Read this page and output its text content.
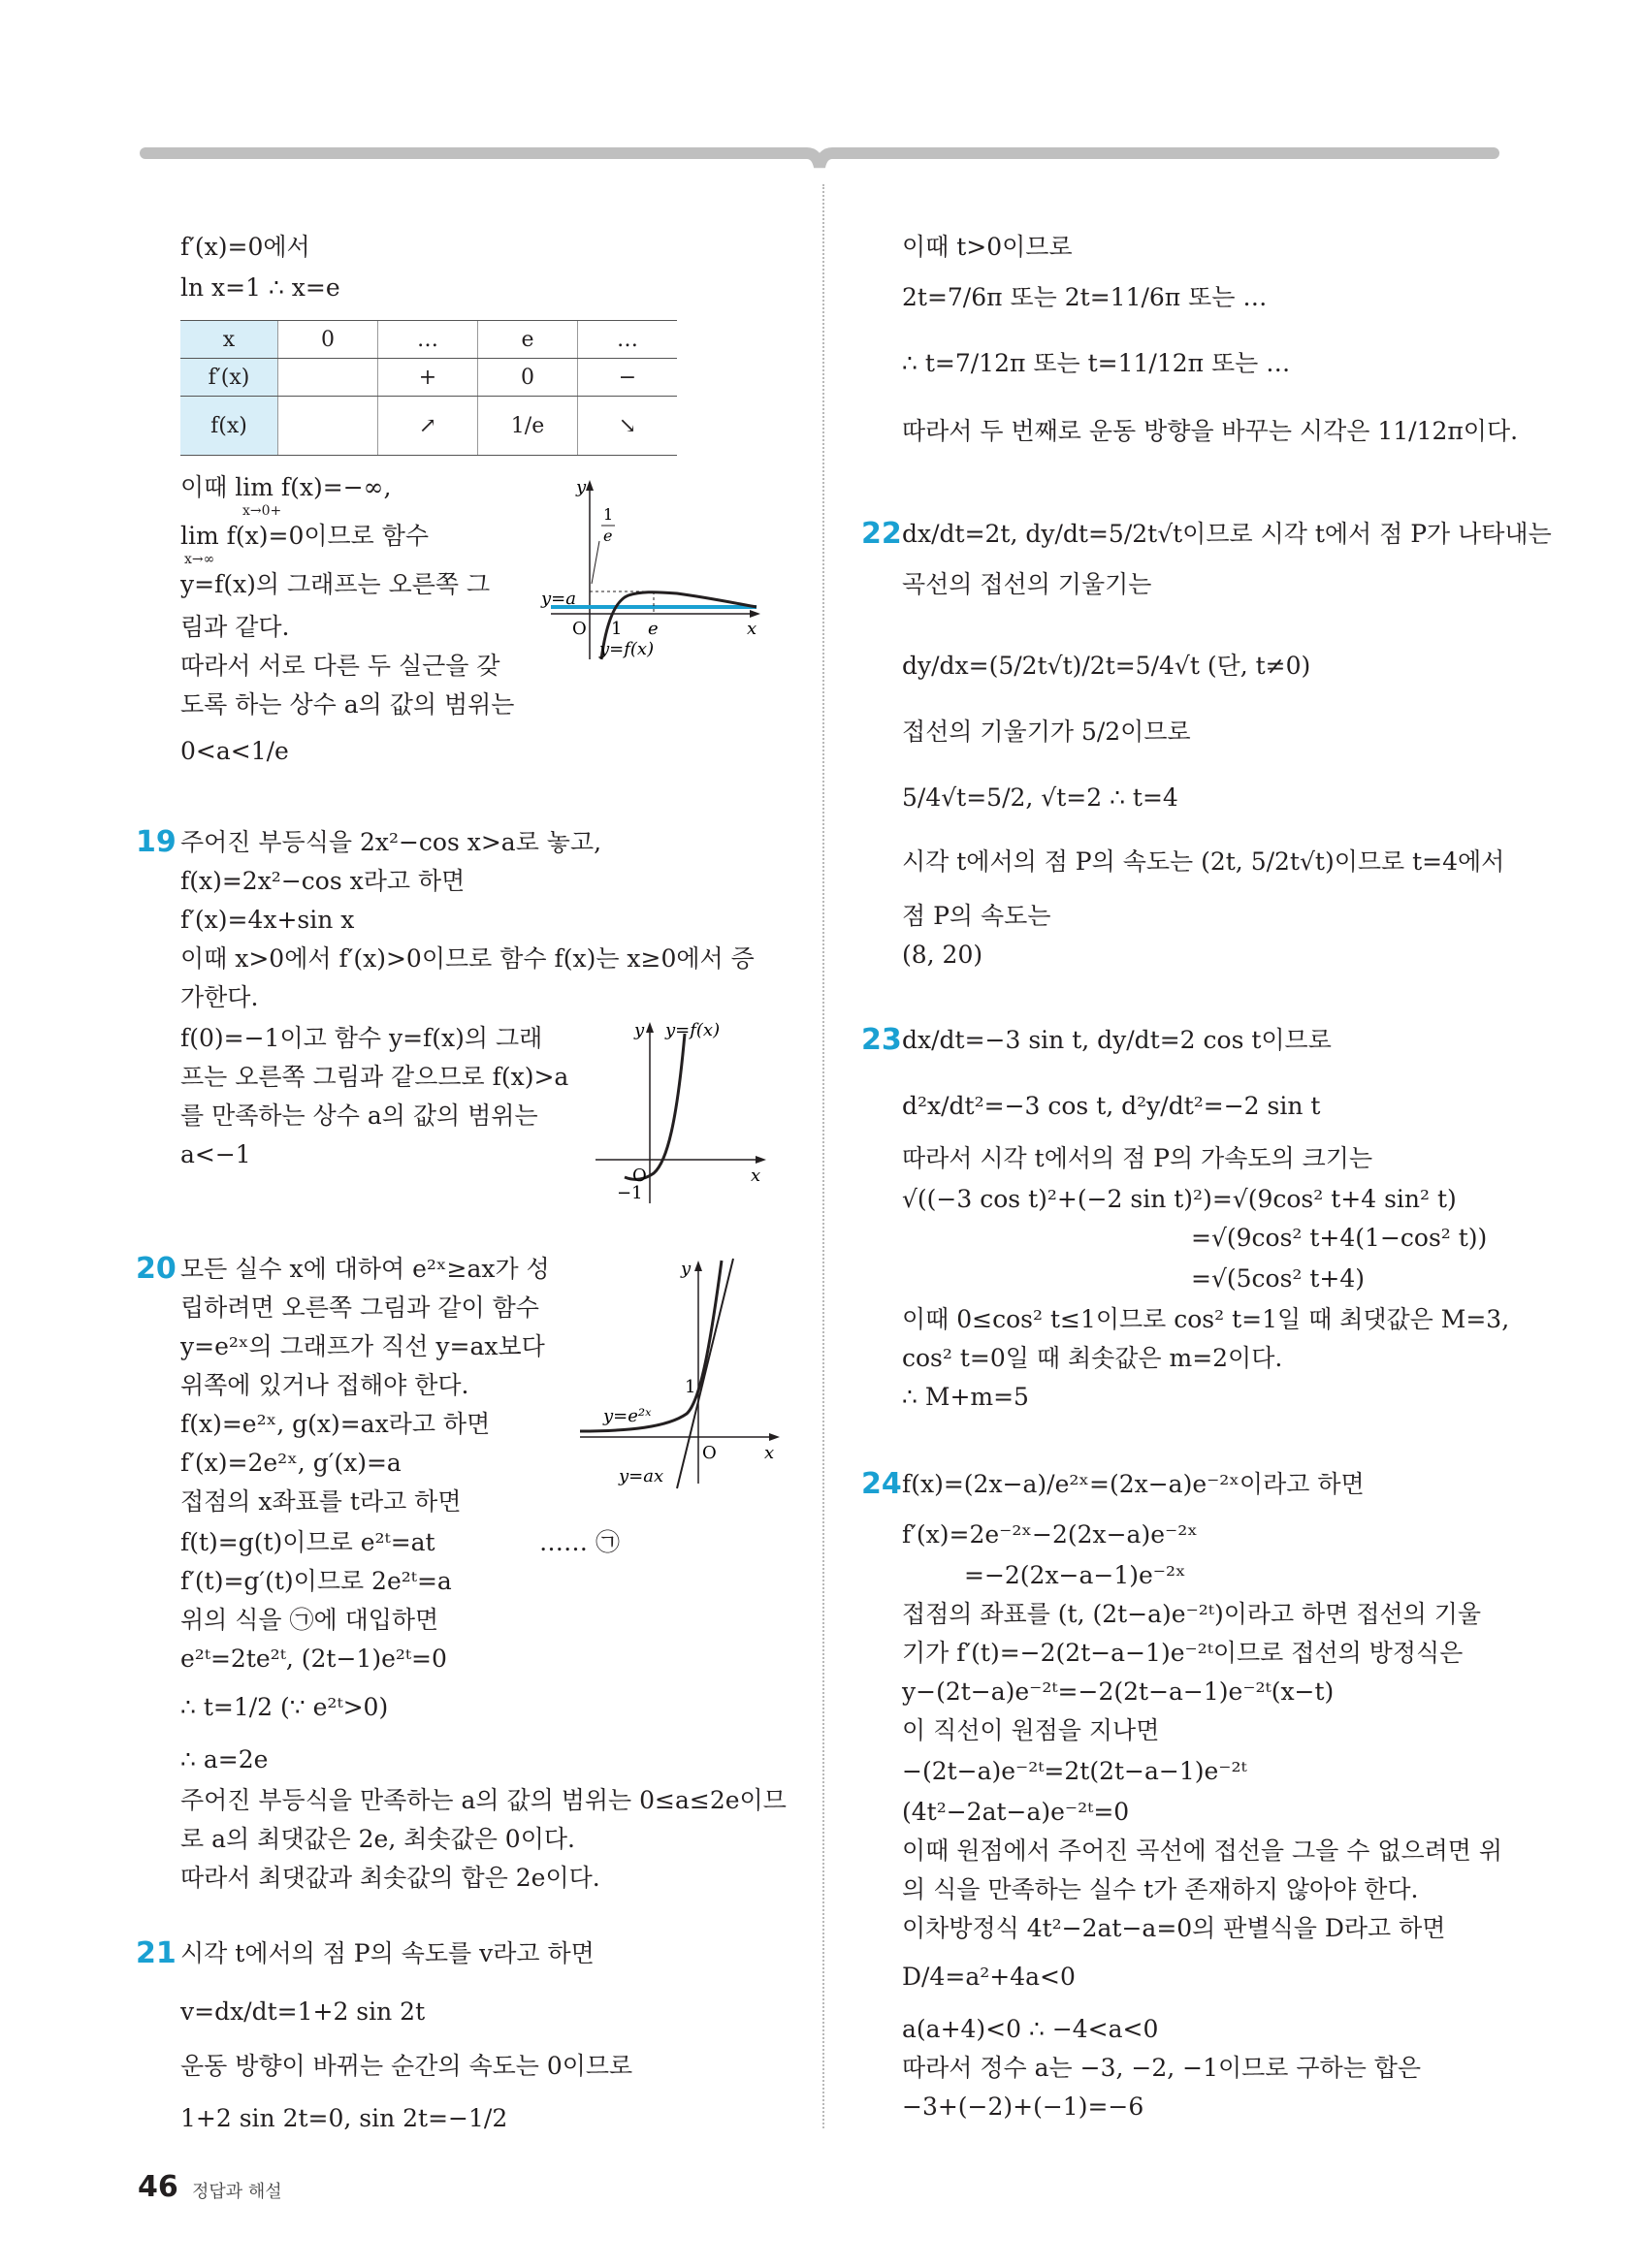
f′(x)=0에서
ln x=1 ∴ x=e
x	0	…	e	…
f′(x)		+	0	−
f(x)		↗	1/e	↘
이때 lim f(x)=−∞,
x→0+
lim f(x)=0이므로 함수
x→∞
y=f(x)의 그래프는 오른쪽 그
림과 같다.
따라서 서로 다른 두 실근을 갖
도록 하는 상수 a의 값의 범위는
0<a<1/e
y
y=a
1
e
O 1 e	x
y=f(x)
19 주어진 부등식을 2x²−cos x>a로 놓고,
f(x)=2x²−cos x라고 하면
f′(x)=4x+sin x
이때 x>0에서 f′(x)>0이므로 함수 f(x)는 x≥0에서 증
가한다.
f(0)=−1이고 함수 y=f(x)의 그래
프는 오른쪽 그림과 같으므로 f(x)>a
를 만족하는 상수 a의 값의 범위는
a<−1
y y=f(x)
O
−1
x
20 모든 실수 x에 대하여 e²ˣ≥ax가 성
립하려면 오른쪽 그림과 같이 함수
y=e²ˣ의 그래프가 직선 y=ax보다
위쪽에 있거나 접해야 한다.
f(x)=e²ˣ, g(x)=ax라고 하면
f′(x)=2e²ˣ, g′(x)=a
접점의 x좌표를 t라고 하면
f(t)=g(t)이므로 e²ᵗ=at	…… ㉠
f′(t)=g′(t)이므로 2e²ᵗ=a
위의 식을 ㉠에 대입하면
e²ᵗ=2te²ᵗ, (2t−1)e²ᵗ=0
∴ t=1/2 (∵ e²ᵗ>0)
∴ a=2e
주어진 부등식을 만족하는 a의 값의 범위는 0≤a≤2e이므
로 a의 최댓값은 2e, 최솟값은 0이다.
따라서 최댓값과 최솟값의 합은 2e이다.
y
1
y=e²ˣ
O	x
y=ax
21 시각 t에서의 점 P의 속도를 v라고 하면
v=dx/dt=1+2 sin 2t
운동 방향이 바뀌는 순간의 속도는 0이므로
1+2 sin 2t=0, sin 2t=−1/2
이때 t>0이므로
2t=7/6π 또는 2t=11/6π 또는 …
∴ t=7/12π 또는 t=11/12π 또는 …
따라서 두 번째로 운동 방향을 바꾸는 시각은 11/12π이다.
22 dx/dt=2t, dy/dt=5/2t√t이므로 시각 t에서 점 P가 나타내는
곡선의 접선의 기울기는
dy/dx=(5/2t√t)/2t=5/4√t (단, t≠0)
접선의 기울기가 5/2이므로
5/4√t=5/2, √t=2 ∴ t=4
시각 t에서의 점 P의 속도는 (2t, 5/2t√t)이므로 t=4에서
점 P의 속도는
(8, 20)
23 dx/dt=−3 sin t, dy/dt=2 cos t이므로
d²x/dt²=−3 cos t, d²y/dt²=−2 sin t
따라서 시각 t에서의 점 P의 가속도의 크기는
√((−3 cos t)²+(−2 sin t)²)=√(9cos² t+4 sin² t)
=√(9cos² t+4(1−cos² t))
=√(5cos² t+4)
이때 0≤cos² t≤1이므로 cos² t=1일 때 최댓값은 M=3,
cos² t=0일 때 최솟값은 m=2이다.
∴ M+m=5
24 f(x)=(2x−a)/e²ˣ=(2x−a)e⁻²ˣ이라고 하면
f′(x)=2e⁻²ˣ−2(2x−a)e⁻²ˣ
=−2(2x−a−1)e⁻²ˣ
접점의 좌표를 (t, (2t−a)e⁻²ᵗ)이라고 하면 접선의 기울
기가 f′(t)=−2(2t−a−1)e⁻²ᵗ이므로 접선의 방정식은
y−(2t−a)e⁻²ᵗ=−2(2t−a−1)e⁻²ᵗ(x−t)
이 직선이 원점을 지나면
−(2t−a)e⁻²ᵗ=2t(2t−a−1)e⁻²ᵗ
(4t²−2at−a)e⁻²ᵗ=0
이때 원점에서 주어진 곡선에 접선을 그을 수 없으려면 위
의 식을 만족하는 실수 t가 존재하지 않아야 한다.
이차방정식 4t²−2at−a=0의 판별식을 D라고 하면
D/4=a²+4a<0
a(a+4)<0 ∴ −4<a<0
따라서 정수 a는 −3, −2, −1이므로 구하는 합은
−3+(−2)+(−1)=−6
46 정답과 해설
